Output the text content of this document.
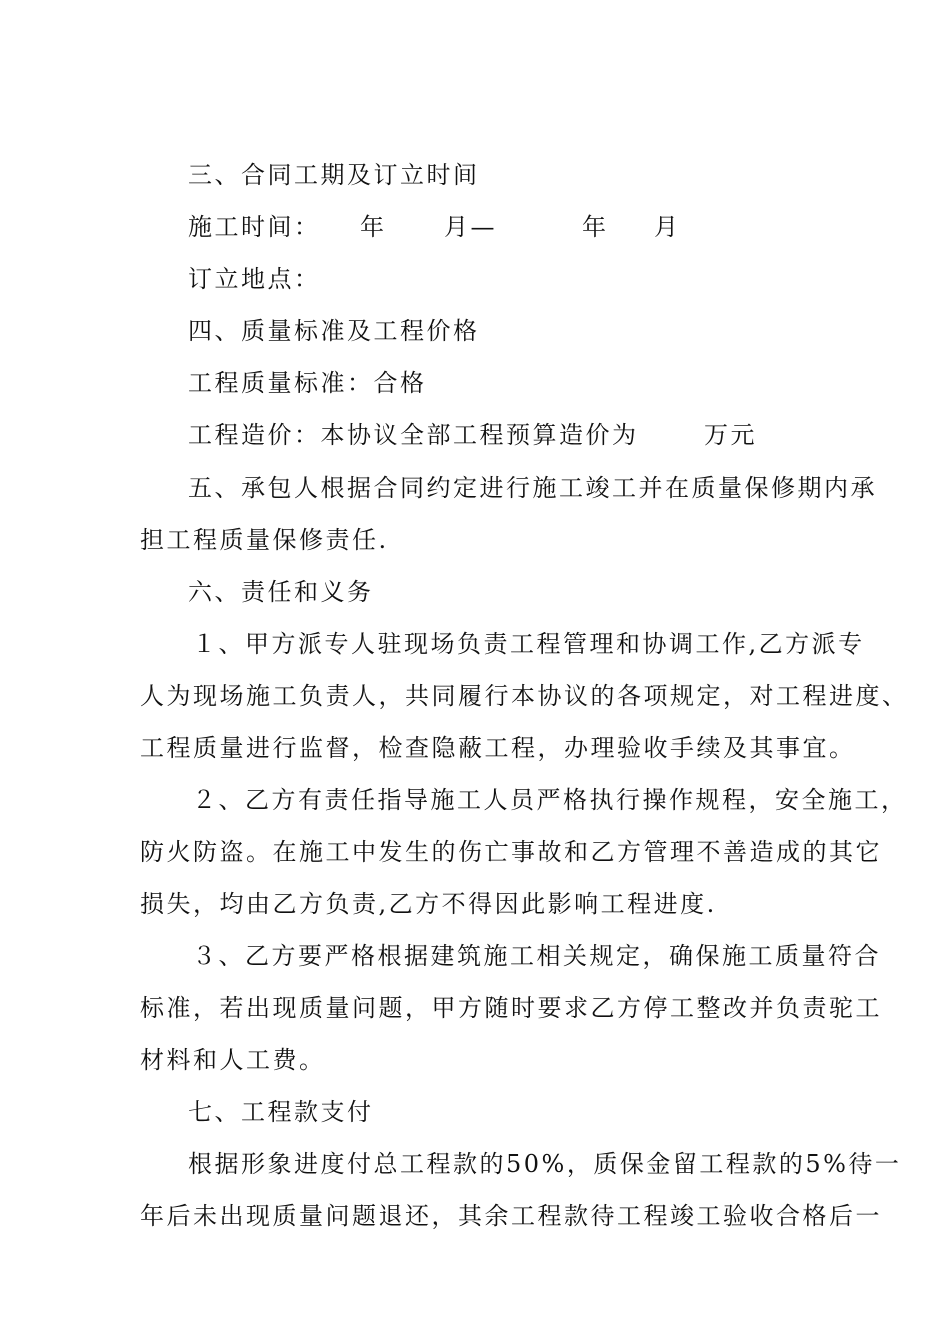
三、合同工期及订立时间
施工时间： 年 月—	年 月
订立地点：
四、质量标准及工程价格
工程质量标准：合格
工程造价：本协议全部工程预算造价为	万元
五、承包人根据合同约定进行施工竣工并在质量保修期内承
担工程质量保修责任.
六、责任和义务
１、甲方派专人驻现场负责工程管理和协调工作,乙方派专
人为现场施工负责人，共同履行本协议的各项规定，对工程进度、
工程质量进行监督，检查隐蔽工程，办理验收手续及其事宜。
２、乙方有责任指导施工人员严格执行操作规程，安全施工，
防火防盗。在施工中发生的伤亡事故和乙方管理不善造成的其它
损失，均由乙方负责,乙方不得因此影响工程进度.
３、乙方要严格根据建筑施工相关规定，确保施工质量符合
标准，若出现质量问题，甲方随时要求乙方停工整改并负责驼工
材料和人工费。
七、工程款支付
根据形象进度付总工程款的50%，质保金留工程款的5%待一
年后未出现质量问题退还，其余工程款待工程竣工验收合格后一
